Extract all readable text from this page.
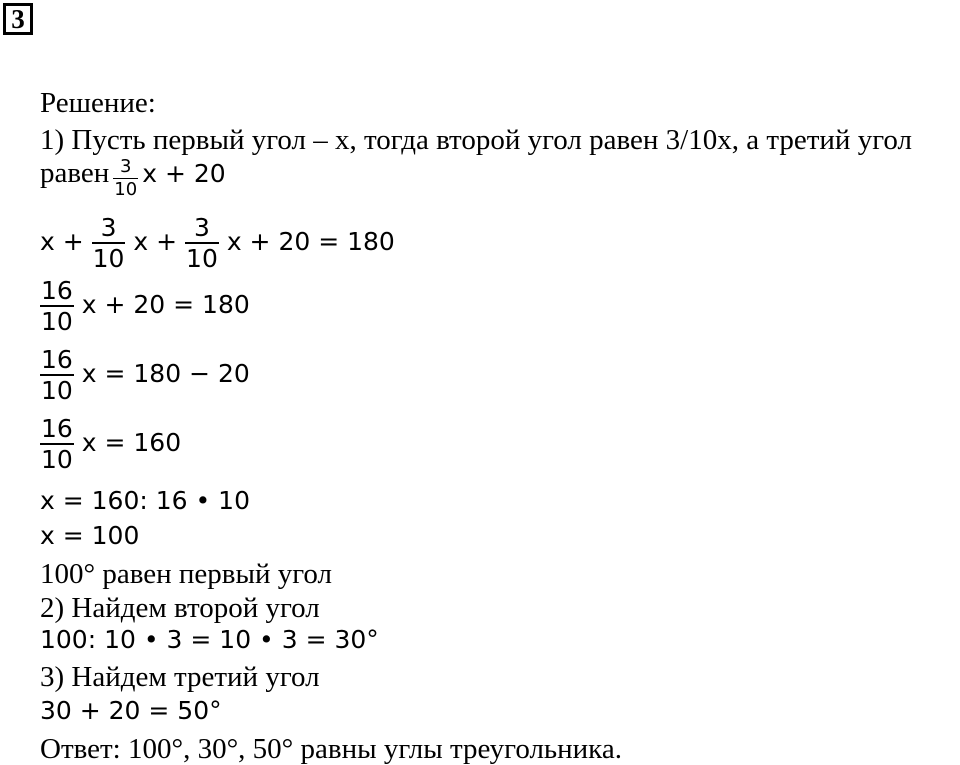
3
Решение:
1) Пусть первый угол – x, тогда второй угол равен 3/10x, а третий угол
равен $\frac{3}{10}$ x + 20
$x + \frac{3}{10}$ $x + \frac{3}{10}$ x + 20 = 180
$\frac{16}{10}$ x + 20 = 180
$\frac{16}{10}$ x = 180 − 20
$\frac{16}{10}$ x = 160
x = 160: 16 • 10
x = 100
100° равен первый угол
2) Найдем второй угол
100: 10 • 3 = 10 • 3 = 30°
3) Найдем третий угол
30 + 20 = 50°
Ответ: 100°, 30°, 50° равны углы треугольника.
